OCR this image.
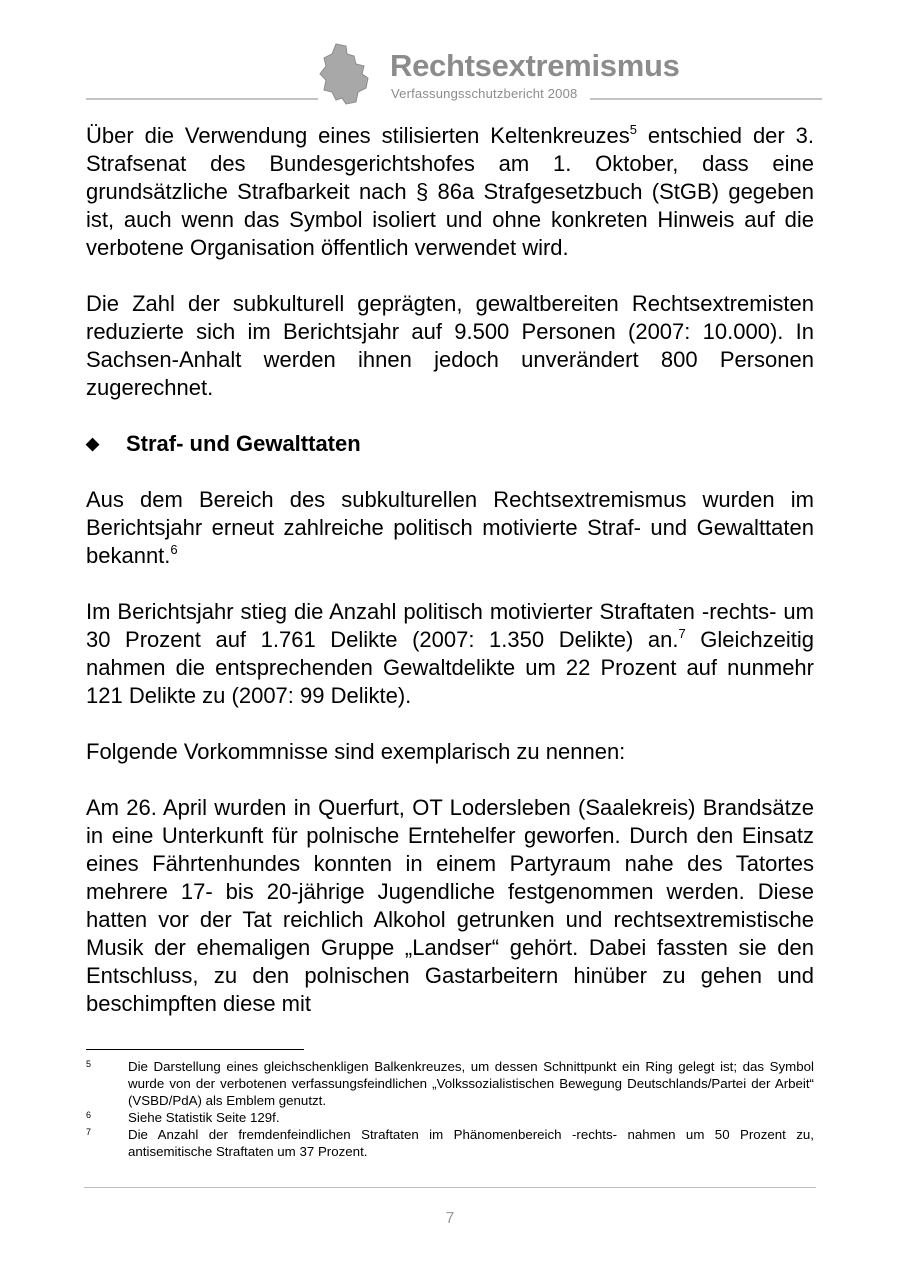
Rechtsextremismus
Verfassungsschutzbericht 2008

Über die Verwendung eines stilisierten Keltenkreuzes$^5$ entschied der 3. Strafsenat des Bundesgerichtshofes am 1. Oktober, dass eine grundsätzliche Strafbarkeit nach § 86a Strafgesetzbuch (StGB) gegeben ist, auch wenn das Symbol isoliert und ohne konkreten Hinweis auf die verbotene Organisation öffentlich verwendet wird.

Die Zahl der subkulturell geprägten, gewaltbereiten Rechtsextremisten reduzierte sich im Berichtsjahr auf 9.500 Personen (2007: 10.000). In Sachsen-Anhalt werden ihnen jedoch unverändert 800 Personen zugerechnet.

◆	Straf- und Gewalttaten

Aus dem Bereich des subkulturellen Rechtsextremismus wurden im Berichtsjahr erneut zahlreiche politisch motivierte Straf- und Gewalttaten bekannt.$^6$

Im Berichtsjahr stieg die Anzahl politisch motivierter Straftaten -rechts- um 30 Prozent auf 1.761 Delikte (2007: 1.350 Delikte) an.$^7$ Gleichzeitig nahmen die entsprechenden Gewaltdelikte um 22 Prozent auf nunmehr 121 Delikte zu (2007: 99 Delikte).

Folgende Vorkommnisse sind exemplarisch zu nennen:

Am 26. April wurden in Querfurt, OT Lodersleben (Saalekreis) Brandsätze in eine Unterkunft für polnische Erntehelfer geworfen. Durch den Einsatz eines Fährtenhundes konnten in einem Partyraum nahe des Tatortes mehrere 17- bis 20-jährige Jugendliche festgenommen werden. Diese hatten vor der Tat reichlich Alkohol getrunken und rechtsextremistische Musik der ehemaligen Gruppe „Landser“ gehört. Dabei fassten sie den Entschluss, zu den polnischen Gastarbeitern hinüber zu gehen und beschimpften diese mit

5	Die Darstellung eines gleichschenkligen Balkenkreuzes, um dessen Schnittpunkt ein Ring gelegt ist; das Symbol wurde von der verbotenen verfassungsfeindlichen „Volkssozialistischen Bewegung Deutschlands/Partei der Arbeit“ (VSBD/PdA) als Emblem genutzt.
6	Siehe Statistik Seite 129f.
7	Die Anzahl der fremdenfeindlichen Straftaten im Phänomenbereich -rechts- nahmen um 50 Prozent zu, antisemitische Straftaten um 37 Prozent.
7
